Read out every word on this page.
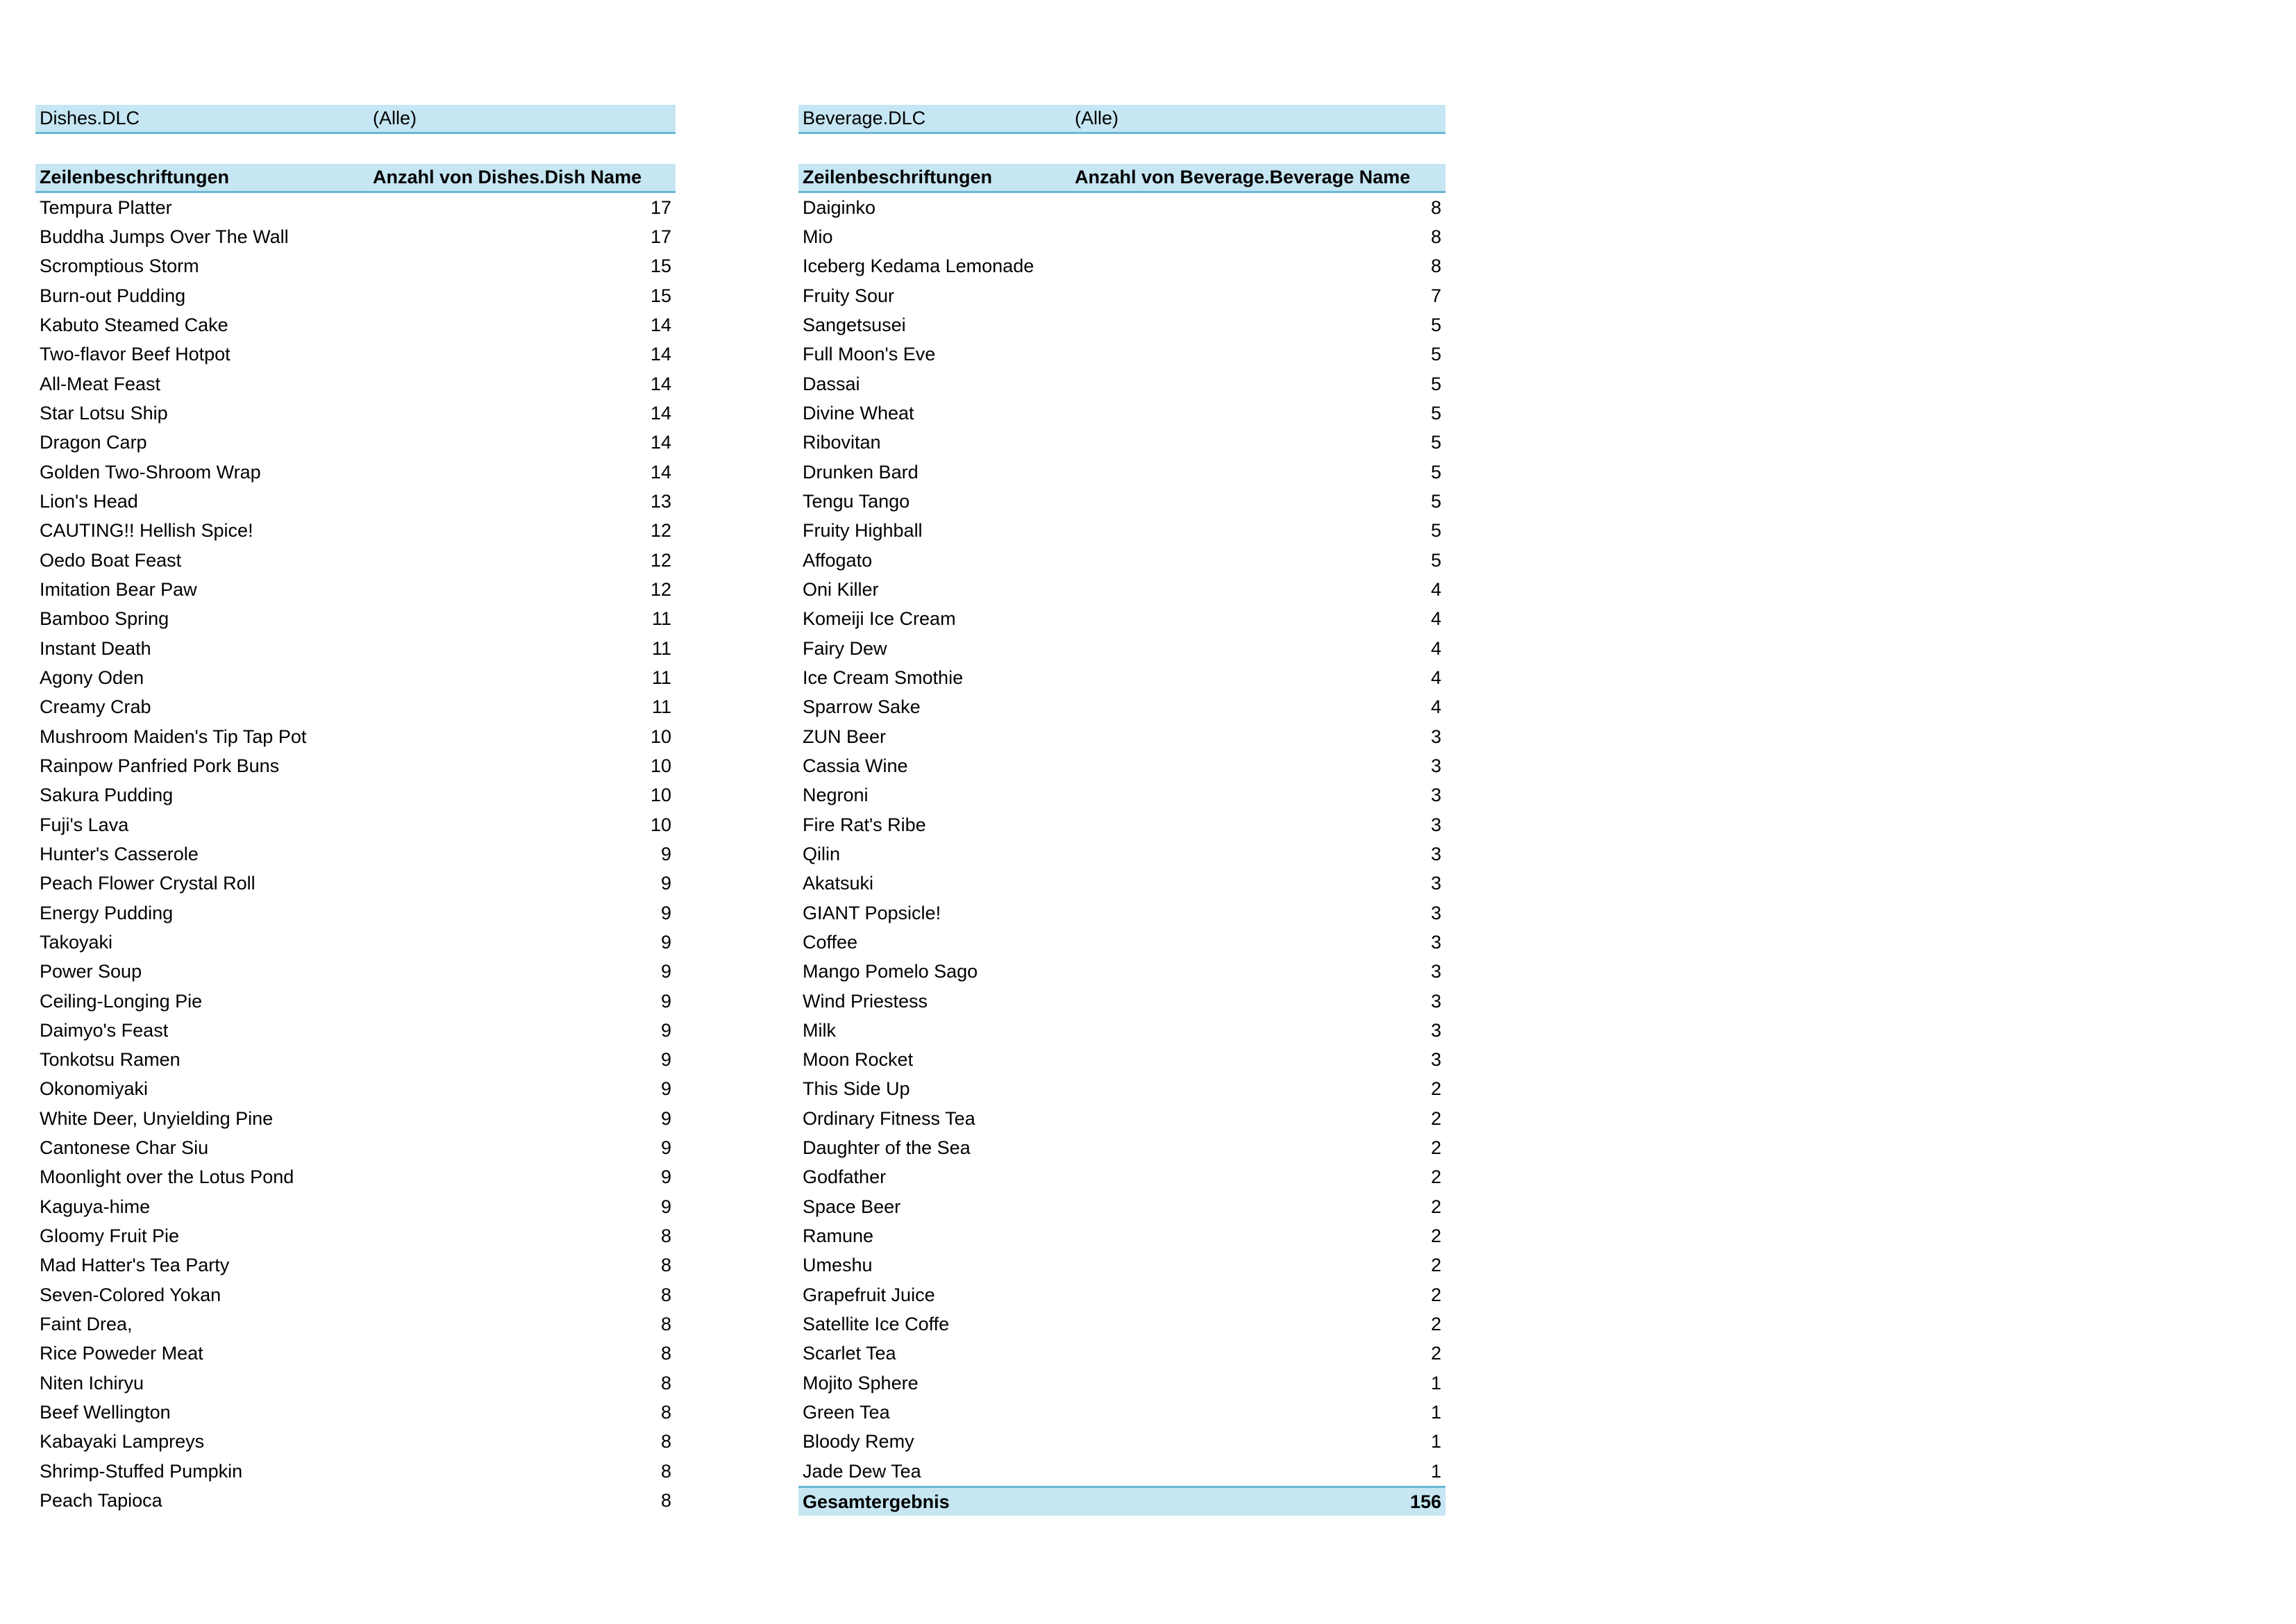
Dishes.DLC	(Alle)
Zeilenbeschriftungen	Anzahl von Dishes.Dish Name
Tempura Platter	17
Buddha Jumps Over The Wall	17
Scromptious Storm	15
Burn-out Pudding	15
Kabuto Steamed Cake	14
Two-flavor Beef Hotpot	14
All-Meat Feast	14
Star Lotsu Ship	14
Dragon Carp	14
Golden Two-Shroom Wrap	14
Lion's Head	13
CAUTING!! Hellish Spice!	12
Oedo Boat Feast	12
Imitation Bear Paw	12
Bamboo Spring	11
Instant Death	11
Agony Oden	11
Creamy Crab	11
Mushroom Maiden's Tip Tap Pot	10
Rainpow Panfried Pork Buns	10
Sakura Pudding	10
Fuji's Lava	10
Hunter's Casserole	9
Peach Flower Crystal Roll	9
Energy Pudding	9
Takoyaki	9
Power Soup	9
Ceiling-Longing Pie	9
Daimyo's Feast	9
Tonkotsu Ramen	9
Okonomiyaki	9
White Deer, Unyielding Pine	9
Cantonese Char Siu	9
Moonlight over the Lotus Pond	9
Kaguya-hime	9
Gloomy Fruit Pie	8
Mad Hatter's Tea Party	8
Seven-Colored Yokan	8
Faint Drea,	8
Rice Poweder Meat	8
Niten Ichiryu	8
Beef Wellington	8
Kabayaki Lampreys	8
Shrimp-Stuffed Pumpkin	8
Peach Tapioca	8
Beverage.DLC	(Alle)
Zeilenbeschriftungen	Anzahl von Beverage.Beverage Name
Daiginko	8
Mio	8
Iceberg Kedama Lemonade	8
Fruity Sour	7
Sangetsusei	5
Full Moon's Eve	5
Dassai	5
Divine Wheat	5
Ribovitan	5
Drunken Bard	5
Tengu Tango	5
Fruity Highball	5
Affogato	5
Oni Killer	4
Komeiji Ice Cream	4
Fairy Dew	4
Ice Cream Smothie	4
Sparrow Sake	4
ZUN Beer	3
Cassia Wine	3
Negroni	3
Fire Rat's Ribe	3
Qilin	3
Akatsuki	3
GIANT Popsicle!	3
Coffee	3
Mango Pomelo Sago	3
Wind Priestess	3
Milk	3
Moon Rocket	3
This Side Up	2
Ordinary Fitness Tea	2
Daughter of the Sea	2
Godfather	2
Space Beer	2
Ramune	2
Umeshu	2
Grapefruit Juice	2
Satellite Ice Coffe	2
Scarlet Tea	2
Mojito Sphere	1
Green Tea	1
Bloody Remy	1
Jade Dew Tea	1
Gesamtergebnis	156
